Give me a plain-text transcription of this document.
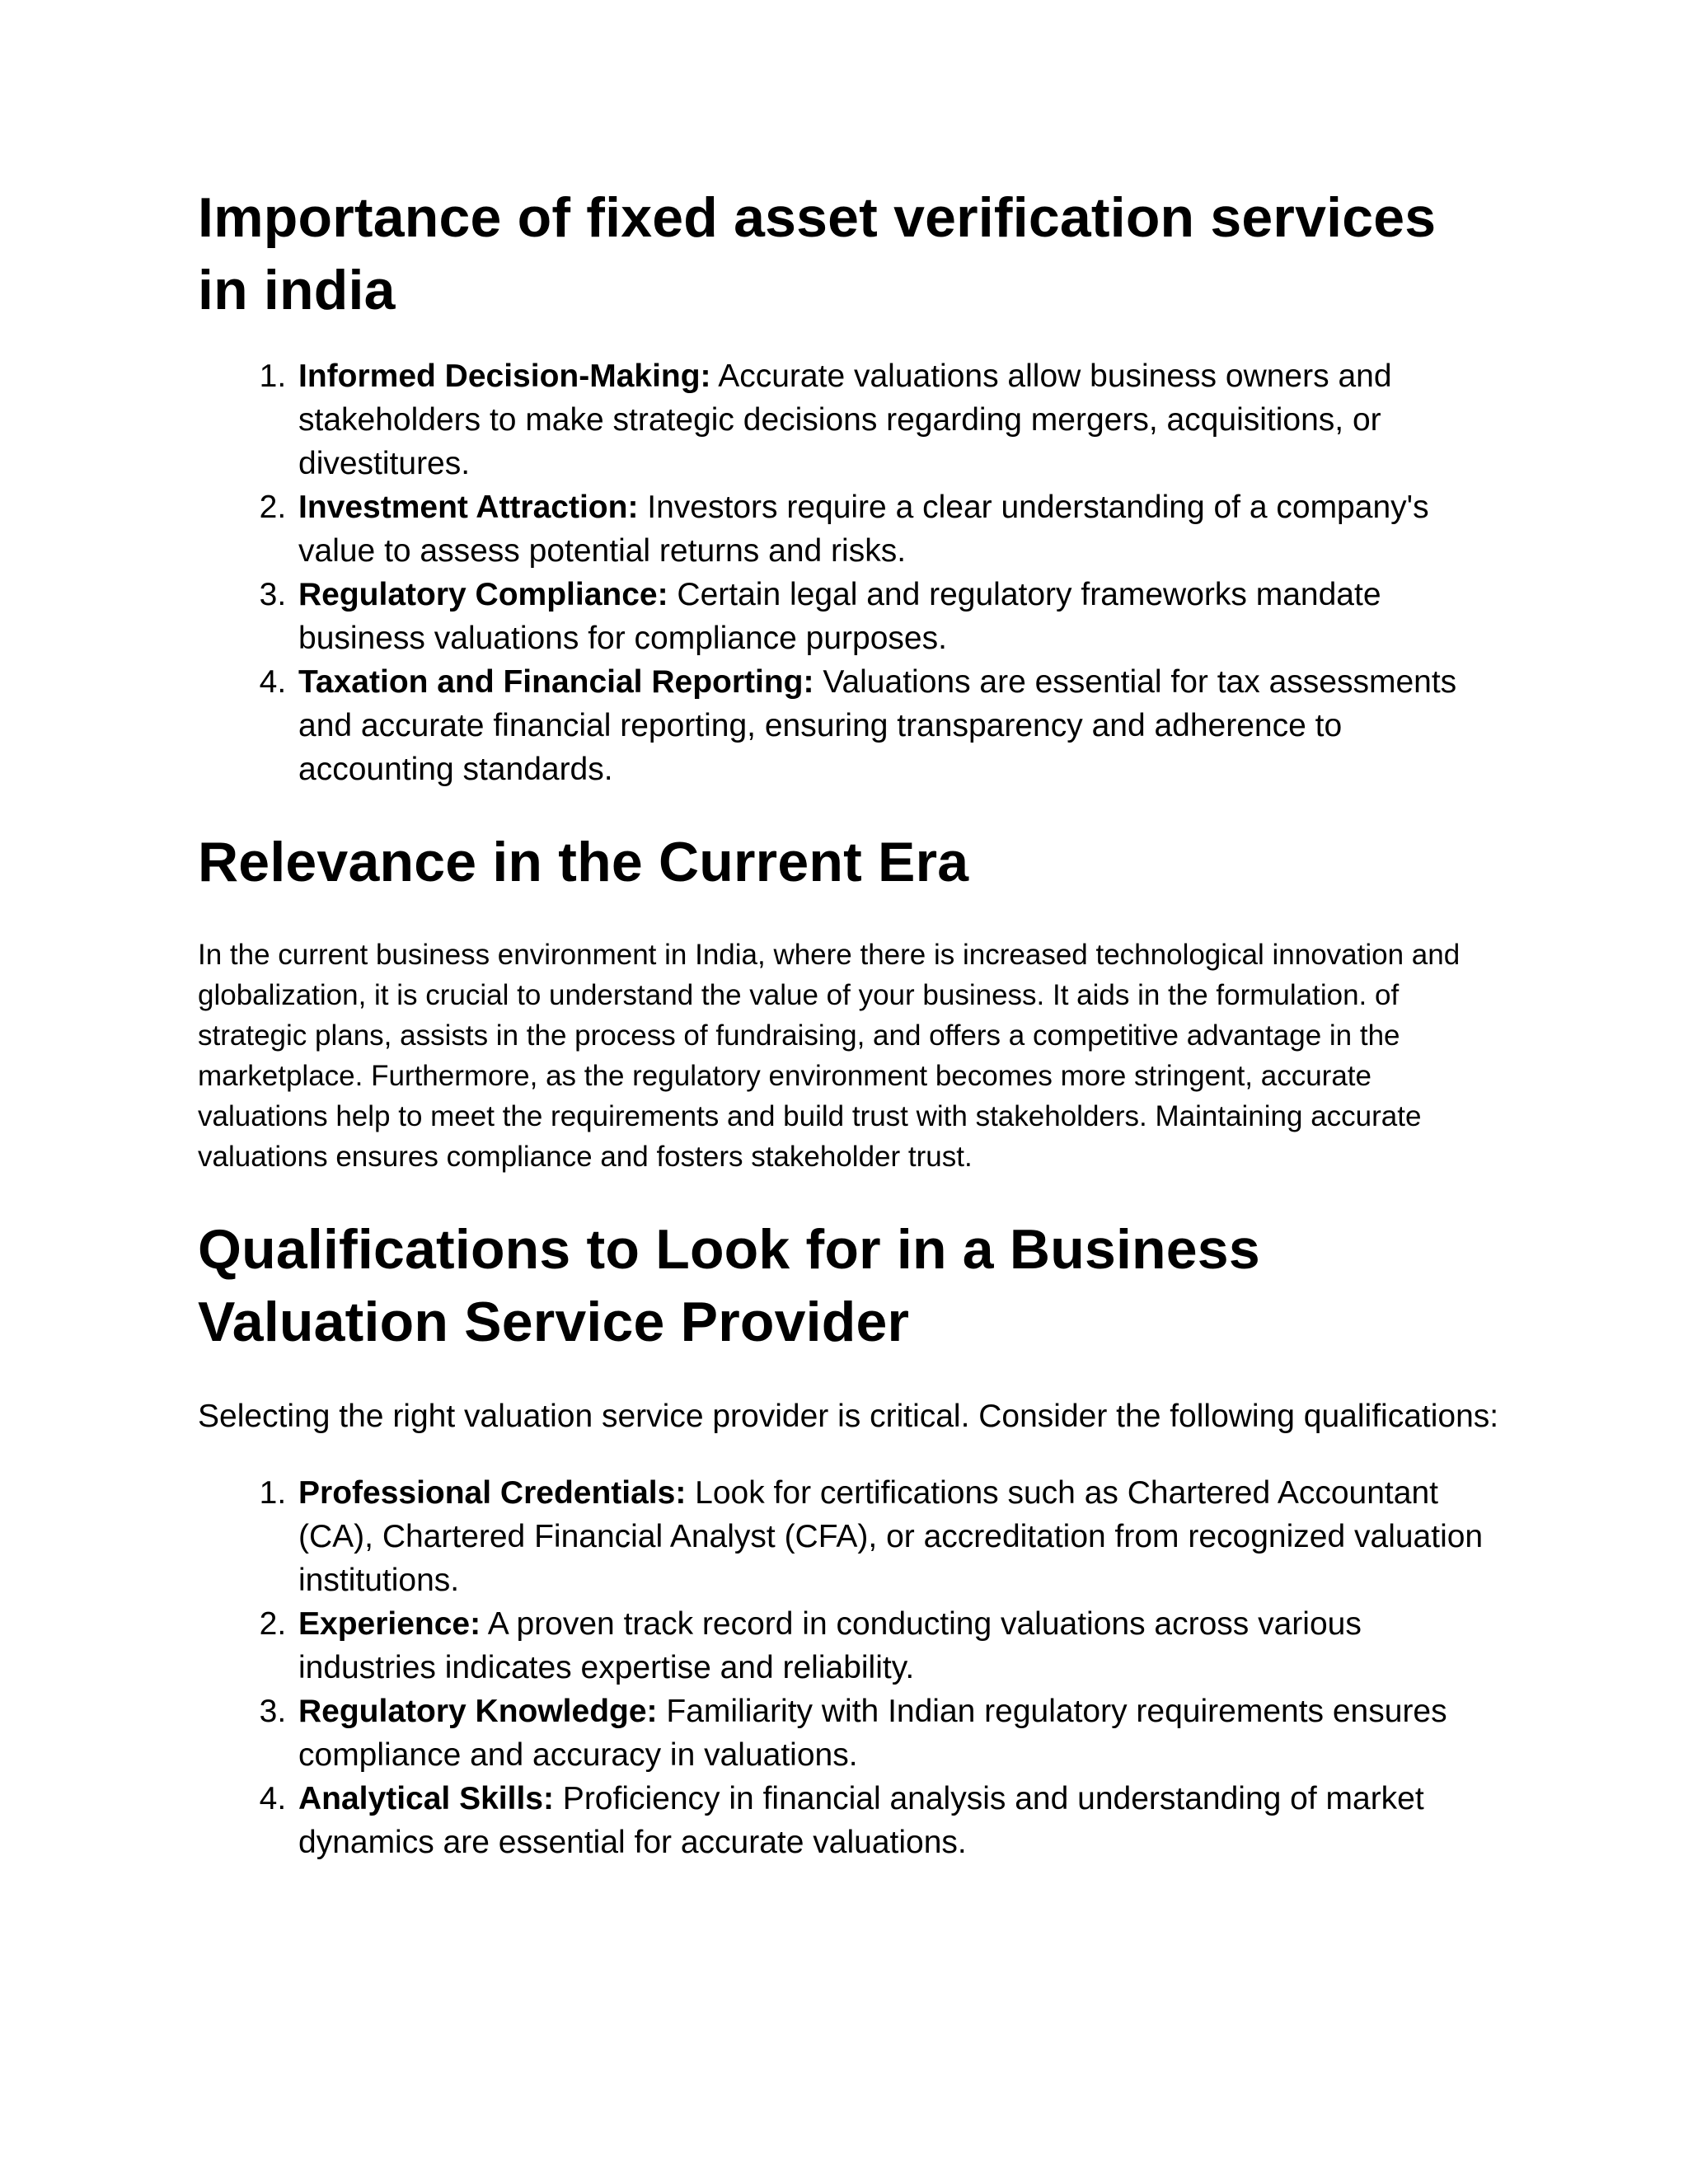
Importance of fixed asset verification services in india
1. Informed Decision-Making: Accurate valuations allow business owners and stakeholders to make strategic decisions regarding mergers, acquisitions, or divestitures.
2. Investment Attraction: Investors require a clear understanding of a company's value to assess potential returns and risks.
3. Regulatory Compliance: Certain legal and regulatory frameworks mandate business valuations for compliance purposes.
4. Taxation and Financial Reporting: Valuations are essential for tax assessments and accurate financial reporting, ensuring transparency and adherence to accounting standards.
Relevance in the Current Era

In the current business environment in India, where there is increased technological innovation and globalization, it is crucial to understand the value of your business. It aids in the formulation. of strategic plans, assists in the process of fundraising, and offers a competitive advantage in the marketplace. Furthermore, as the regulatory environment becomes more stringent, accurate valuations help to meet the requirements and build trust with stakeholders. Maintaining accurate valuations ensures compliance and fosters stakeholder trust.

Qualifications to Look for in a Business Valuation Service Provider

Selecting the right valuation service provider is critical. Consider the following qualifications:

1. Professional Credentials: Look for certifications such as Chartered Accountant (CA), Chartered Financial Analyst (CFA), or accreditation from recognized valuation institutions.
2. Experience: A proven track record in conducting valuations across various industries indicates expertise and reliability.
3. Regulatory Knowledge: Familiarity with Indian regulatory requirements ensures compliance and accuracy in valuations.
4. Analytical Skills: Proficiency in financial analysis and understanding of market dynamics are essential for accurate valuations.
